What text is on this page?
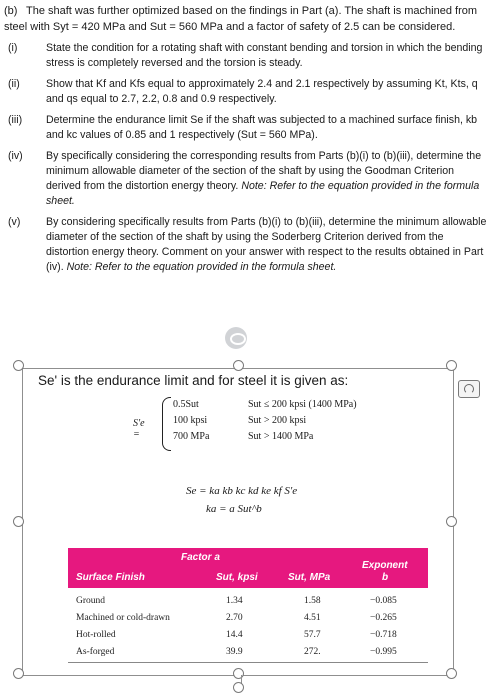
(b) The shaft was further optimized based on the findings in Part (a). The shaft is machined from steel with Syt = 420 MPa and Sut = 560 MPa and a factor of safety of 2.5 can be considered.

(i)	State the condition for a rotating shaft with constant bending and torsion in which the bending stress is completely reversed and the torsion is steady.

(ii)	Show that Kf and Kfs equal to approximately 2.4 and 2.1 respectively by assuming Kt, Kts, q and qs equal to 2.7, 2.2, 0.8 and 0.9 respectively.

(iii)	Determine the endurance limit Se if the shaft was subjected to a machined surface finish, kb and kc values of 0.85 and 1 respectively (Sut = 560 MPa).

(iv)	By specifically considering the corresponding results from Parts (b)(i) to (b)(iii), determine the minimum allowable diameter of the section of the shaft by using the Goodman Criterion derived from the distortion energy theory. Note: Refer to the equation provided in the formula sheet.

(v)	By considering specifically results from Parts (b)(i) to (b)(iii), determine the minimum allowable diameter of the section of the shaft by using the Soderberg Criterion derived from the distortion energy theory. Comment on your answer with respect to the results obtained in Part (iv). Note: Refer to the equation provided in the formula sheet.

Se' is the endurance limit and for steel it is given as:
S'e =
0.5Sut	Sut ≤ 200 kpsi (1400 MPa)
100 kpsi	Sut > 200 kpsi
700 MPa	Sut > 1400 MPa
Se = ka kb kc kd ke kf S'e
ka = a Sut^b
Factor a
Surface Finish	Sut, kpsi	Sut, MPa
Exponent
b
Ground	1.34	1.58	−0.085
Machined or cold-drawn	2.70	4.51	−0.265
Hot-rolled	14.4	57.7	−0.718
As-forged	39.9	272.	−0.995
